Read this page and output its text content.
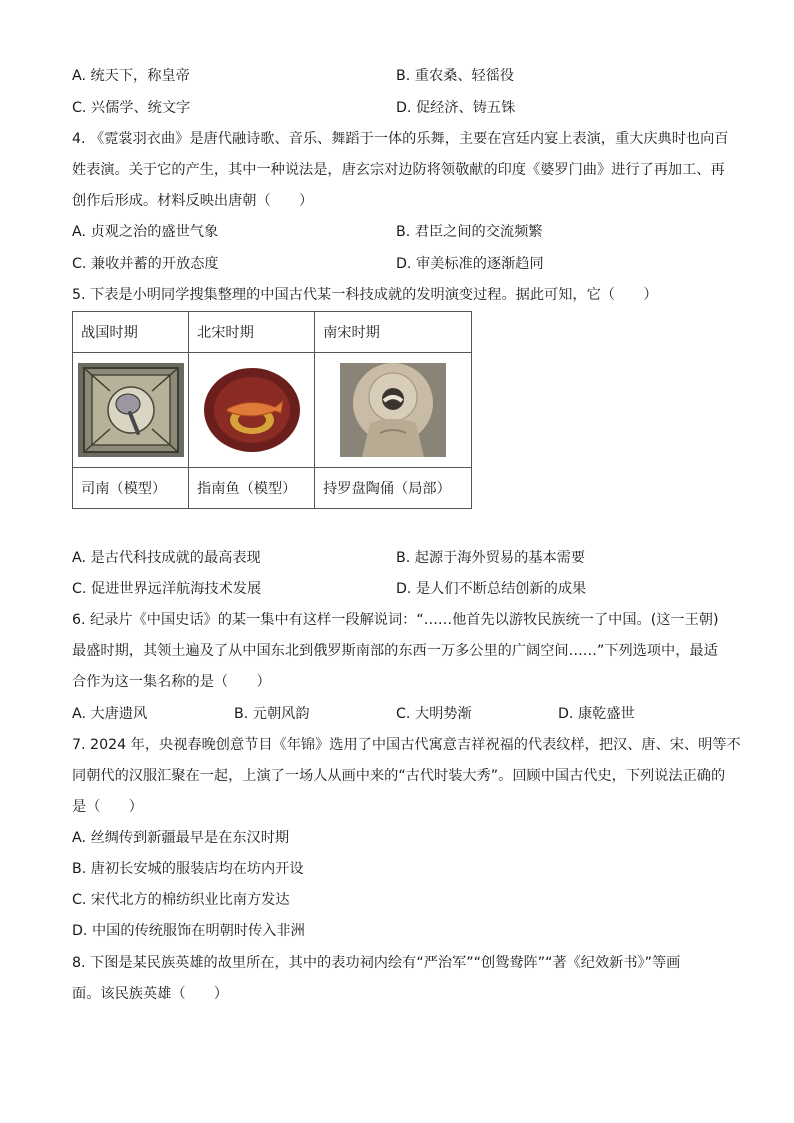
A. 统天下，称皇帝	B. 重农桑、轻徭役
C. 兴儒学、统文字	D. 促经济、铸五铢
4. 《霓裳羽衣曲》是唐代融诗歌、音乐、舞蹈于一体的乐舞，主要在宫廷内宴上表演，重大庆典时也向百
姓表演。关于它的产生，其中一种说法是，唐玄宗对边防将领敬献的印度《婆罗门曲》进行了再加工、再
创作后形成。材料反映出唐朝（　　）
A. 贞观之治的盛世气象	B. 君臣之间的交流频繁
C. 兼收并蓄的开放态度	D. 审美标准的逐渐趋同
5. 下表是小明同学搜集整理的中国古代某一科技成就的发明演变过程。据此可知，它（　　）
战国时期	北宋时期	南宋时期

司南（模型）	指南鱼（模型）	持罗盘陶俑（局部）
A. 是古代科技成就的最高表现	B. 起源于海外贸易的基本需要
C. 促进世界远洋航海技术发展	D. 是人们不断总结创新的成果
6. 纪录片《中国史话》的某一集中有这样一段解说词：“……他首先以游牧民族统一了中国。(这一王朝)
最盛时期，其领土遍及了从中国东北到俄罗斯南部的东西一万多公里的广阔空间……”下列选项中，最适
合作为这一集名称的是（　　）
A. 大唐遗风	B. 元朝风韵	C. 大明势渐	D. 康乾盛世
7. 2024 年，央视春晚创意节目《年锦》选用了中国古代寓意吉祥祝福的代表纹样，把汉、唐、宋、明等不
同朝代的汉服汇聚在一起，上演了一场人从画中来的“古代时装大秀”。回顾中国古代史，下列说法正确的
是（　　）
A. 丝绸传到新疆最早是在东汉时期
B. 唐初长安城的服装店均在坊内开设
C. 宋代北方的棉纺织业比南方发达
D. 中国的传统服饰在明朝时传入非洲
8. 下图是某民族英雄的故里所在，其中的表功祠内绘有“严治军”“创鸳鸯阵”“著《纪效新书》”等画
面。该民族英雄（　　）
